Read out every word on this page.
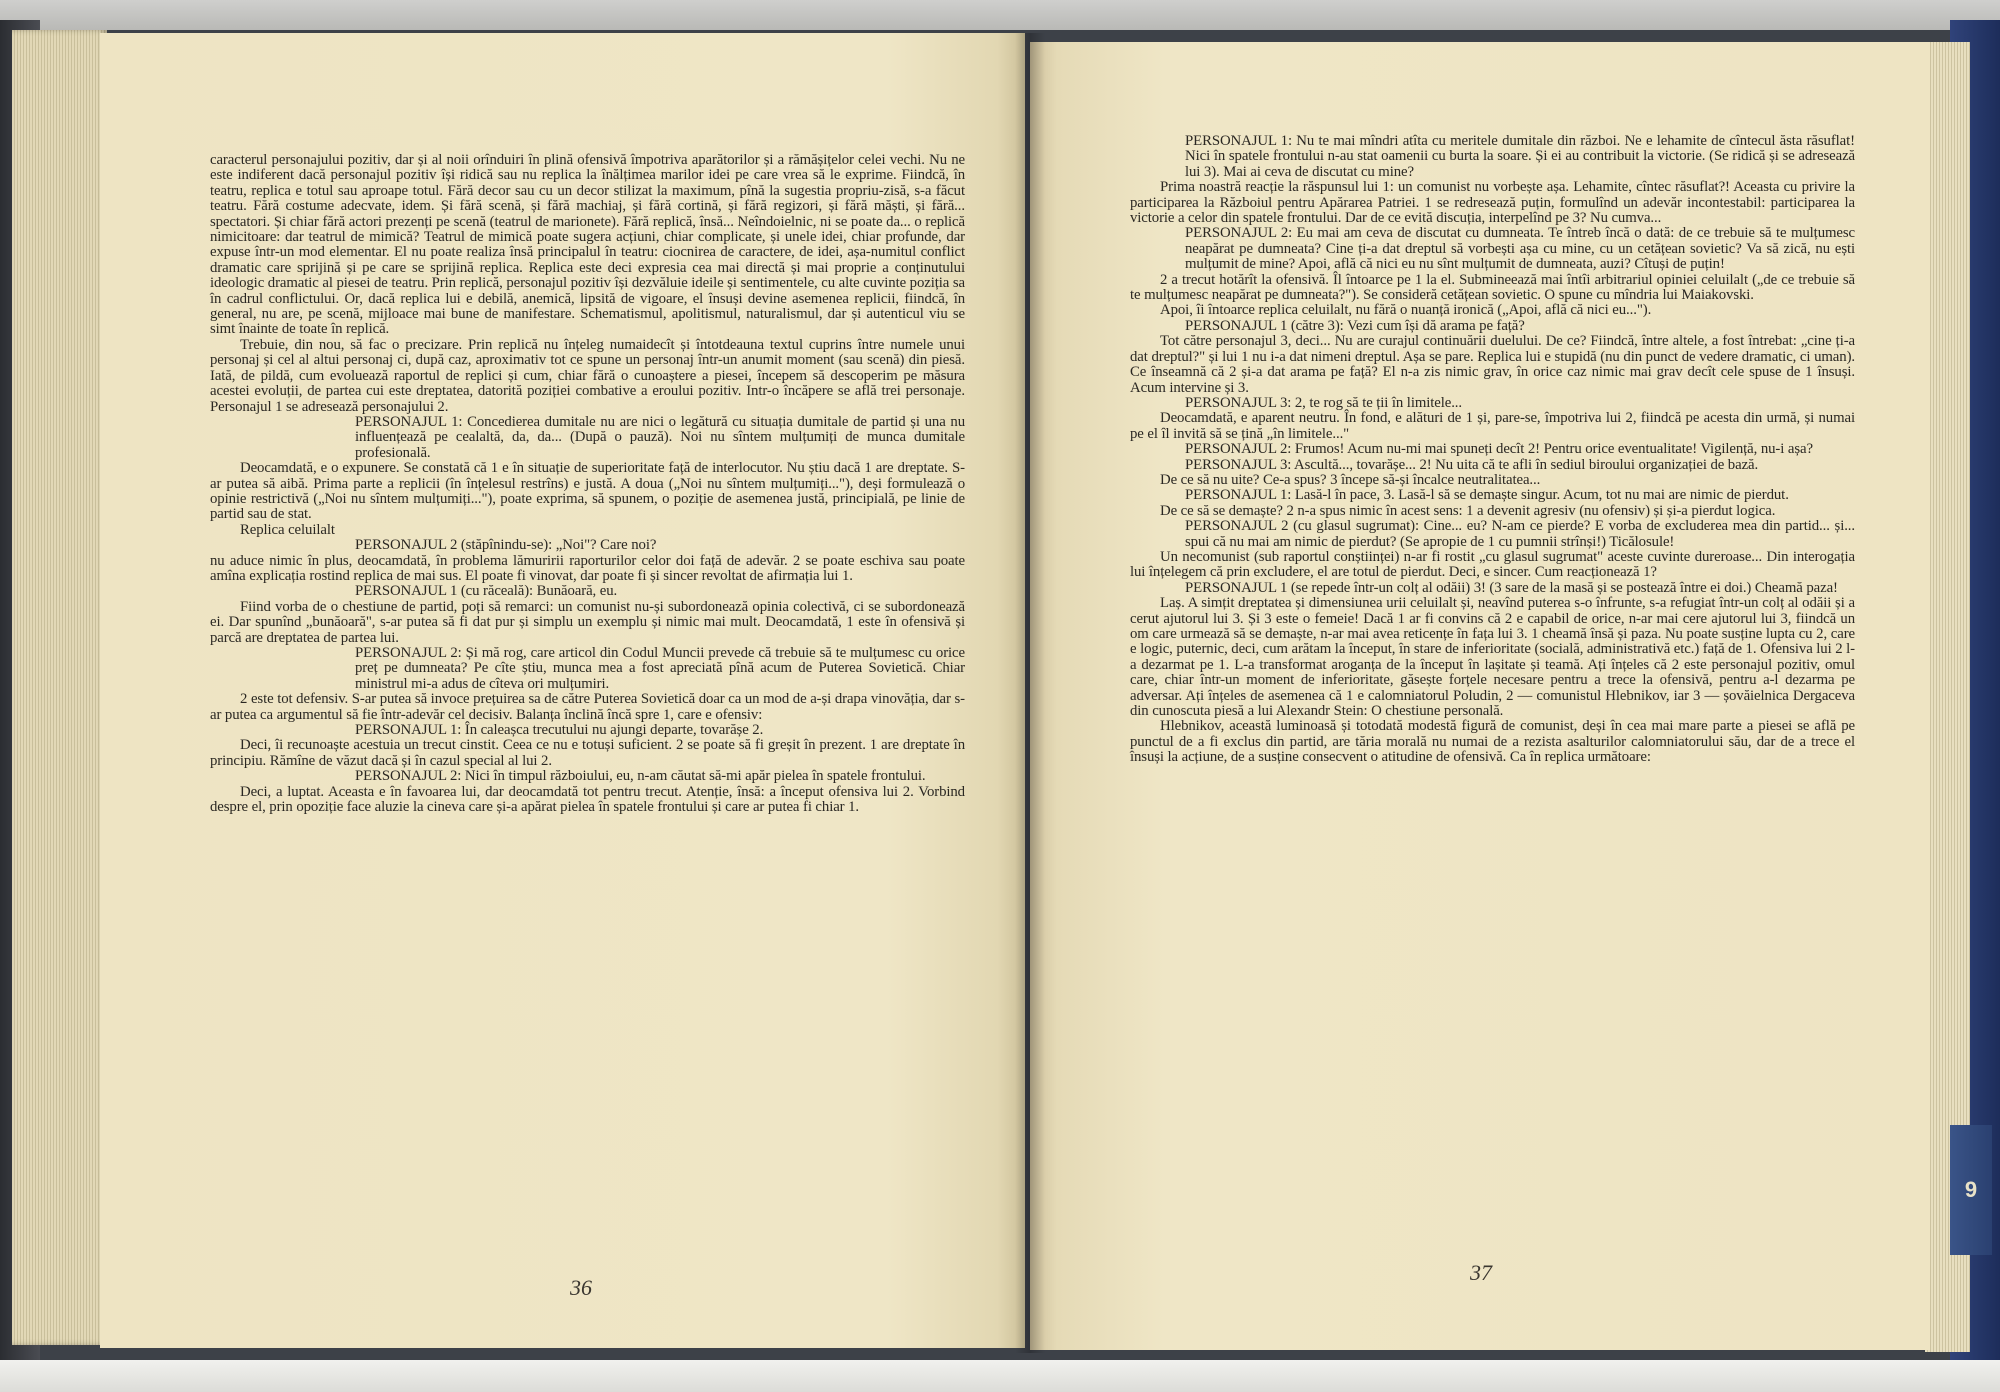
caracterul personajului pozitiv, dar și al noii orînduiri în plină ofensivă împotriva aparătorilor și a rămășițelor celei vechi. Nu ne este indiferent dacă personajul pozitiv își ridică sau nu replica la înălțimea marilor idei pe care vrea să le exprime. Fiindcă, în teatru, replica e totul sau aproape totul. Fără decor sau cu un decor stilizat la maximum, pînă la sugestia propriu-zisă, s-a făcut teatru. Fără costume adecvate, idem. Și fără scenă, și fără machiaj, și fără cortină, și fără regizori, și fără măști, și fără... spectatori. Și chiar fără actori prezenți pe scenă (teatrul de marionete). Fără replică, însă... Neîndoielnic, ni se poate da... o replică nimicitoare: dar teatrul de mimică? Teatrul de mimică poate sugera acțiuni, chiar complicate, și unele idei, chiar profunde, dar expuse într-un mod elementar. El nu poate realiza însă principalul în teatru: ciocnirea de caractere, de idei, așa-numitul conflict dramatic care sprijină și pe care se sprijină replica. Replica este deci expresia cea mai directă și mai proprie a conținutului ideologic dramatic al piesei de teatru. Prin replică, personajul pozitiv își dezvăluie ideile și sentimentele, cu alte cuvinte poziția sa în cadrul conflictului. Or, dacă replica lui e debilă, anemică, lipsită de vigoare, el însuși devine asemenea replicii, fiindcă, în general, nu are, pe scenă, mijloace mai bune de manifestare. Schematismul, apolitismul, naturalismul, dar și autenticul viu se simt înainte de toate în replică.

Trebuie, din nou, să fac o precizare. Prin replică nu înțeleg numaidecît și întotdeauna textul cuprins între numele unui personaj și cel al altui personaj ci, după caz, aproximativ tot ce spune un personaj într-un anumit moment (sau scenă) din piesă. Iată, de pildă, cum evoluează raportul de replici și cum, chiar fără o cunoaștere a piesei, începem să descoperim pe măsura acestei evoluții, de partea cui este dreptatea, datorită poziției combative a eroului pozitiv. Intr-o încăpere se află trei personaje. Personajul 1 se adresează personajului 2.

PERSONAJUL 1: Concedierea dumitale nu are nici o legătură cu situația dumitale de partid și una nu influențează pe cealaltă, da, da... (După o pauză). Noi nu sîntem mulțumiți de munca dumitale profesională.

Deocamdată, e o expunere. Se constată că 1 e în situație de superioritate față de interlocutor. Nu știu dacă 1 are dreptate. S-ar putea să aibă. Prima parte a replicii (în înțelesul restrîns) e justă. A doua („Noi nu sîntem mulțumiți..."), deși formulează o opinie restrictivă („Noi nu sîntem mulțumiți..."), poate exprima, să spunem, o poziție de asemenea justă, principială, pe linie de partid sau de stat.

Replica celuilalt

PERSONAJUL 2 (stăpînindu-se): „Noi"? Care noi?

nu aduce nimic în plus, deocamdată, în problema lămuririi raporturilor celor doi față de adevăr. 2 se poate eschiva sau poate amîna explicația rostind replica de mai sus. El poate fi vinovat, dar poate fi și sincer revoltat de afirmația lui 1.

PERSONAJUL 1 (cu răceală): Bunăoară, eu.

Fiind vorba de o chestiune de partid, poți să remarci: un comunist nu-și subordonează opinia colectivă, ci se subordonează ei. Dar spunînd „bunăoară", s-ar putea să fi dat pur și simplu un exemplu și nimic mai mult. Deocamdată, 1 este în ofensivă și parcă are dreptatea de partea lui.

PERSONAJUL 2: Și mă rog, care articol din Codul Muncii prevede că trebuie să te mulțumesc cu orice preț pe dumneata? Pe cîte știu, munca mea a fost apreciată pînă acum de Puterea Sovietică. Chiar ministrul mi-a adus de cîteva ori mulțumiri.

2 este tot defensiv. S-ar putea să invoce prețuirea sa de către Puterea Sovietică doar ca un mod de a-și drapa vinovăția, dar s-ar putea ca argumentul să fie într-adevăr cel decisiv. Balanța înclină încă spre 1, care e ofensiv:

PERSONAJUL 1: În caleașca trecutului nu ajungi departe, tovarășe 2.

Deci, îi recunoaște acestuia un trecut cinstit. Ceea ce nu e totuși suficient. 2 se poate să fi greșit în prezent. 1 are dreptate în principiu. Rămîne de văzut dacă și în cazul special al lui 2.

PERSONAJUL 2: Nici în timpul războiului, eu, n-am căutat să-mi apăr pielea în spatele frontului.

Deci, a luptat. Aceasta e în favoarea lui, dar deocamdată tot pentru trecut. Atenție, însă: a început ofensiva lui 2. Vorbind despre el, prin opoziție face aluzie la cineva care și-a apărat pielea în spatele frontului și care ar putea fi chiar 1.

36

PERSONAJUL 1: Nu te mai mîndri atîta cu meritele dumitale din război. Ne e lehamite de cîntecul ăsta răsuflat! Nici în spatele frontului n-au stat oamenii cu burta la soare. Și ei au contribuit la victorie. (Se ridică și se adresează lui 3). Mai ai ceva de discutat cu mine?

Prima noastră reacție la răspunsul lui 1: un comunist nu vorbește așa. Lehamite, cîntec răsuflat?! Aceasta cu privire la participarea la Războiul pentru Apărarea Patriei. 1 se redresează puțin, formulînd un adevăr incontestabil: participarea la victorie a celor din spatele frontului. Dar de ce evită discuția, interpelînd pe 3? Nu cumva...

PERSONAJUL 2: Eu mai am ceva de discutat cu dumneata. Te întreb încă o dată: de ce trebuie să te mulțumesc neapărat pe dumneata? Cine ți-a dat dreptul să vorbești așa cu mine, cu un cetățean sovietic? Va să zică, nu ești mulțumit de mine? Apoi, află că nici eu nu sînt mulțumit de dumneata, auzi? Cîtuși de puțin!

2 a trecut hotărît la ofensivă. Îl întoarce pe 1 la el. Submineează mai întîi arbitrariul opiniei celuilalt („de ce trebuie să te mulțumesc neapărat pe dumneata?"). Se consideră cetățean sovietic. O spune cu mîndria lui Maiakovski.

Apoi, îi întoarce replica celuilalt, nu fără o nuanță ironică („Apoi, află că nici eu...").

PERSONAJUL 1 (către 3): Vezi cum își dă arama pe față?

Tot către personajul 3, deci... Nu are curajul continuării duelului. De ce? Fiindcă, între altele, a fost întrebat: „cine ți-a dat dreptul?" și lui 1 nu i-a dat nimeni dreptul. Așa se pare. Replica lui e stupidă (nu din punct de vedere dramatic, ci uman). Ce înseamnă că 2 și-a dat arama pe față? El n-a zis nimic grav, în orice caz nimic mai grav decît cele spuse de 1 însuși. Acum intervine și 3.

PERSONAJUL 3: 2, te rog să te ții în limitele...

Deocamdată, e aparent neutru. În fond, e alături de 1 și, pare-se, împotriva lui 2, fiindcă pe acesta din urmă, și numai pe el îl invită să se țină „în limitele..."

PERSONAJUL 2: Frumos! Acum nu-mi mai spuneți decît 2! Pentru orice eventualitate! Vigilență, nu-i așa?

PERSONAJUL 3: Ascultă..., tovarășe... 2! Nu uita că te afli în sediul biroului organizației de bază.

De ce să nu uite? Ce-a spus? 3 începe să-și încalce neutralitatea...

PERSONAJUL 1: Lasă-l în pace, 3. Lasă-l să se demaște singur. Acum, tot nu mai are nimic de pierdut.

De ce să se demaște? 2 n-a spus nimic în acest sens: 1 a devenit agresiv (nu ofensiv) și și-a pierdut logica.

PERSONAJUL 2 (cu glasul sugrumat): Cine... eu? N-am ce pierde? E vorba de excluderea mea din partid... și... spui că nu mai am nimic de pierdut? (Se apropie de 1 cu pumnii strînși!) Ticălosule!

Un necomunist (sub raportul conștiinței) n-ar fi rostit „cu glasul sugrumat" aceste cuvinte dureroase... Din interogația lui înțelegem că prin excludere, el are totul de pierdut. Deci, e sincer. Cum reacționează 1?

PERSONAJUL 1 (se repede într-un colț al odăii) 3! (3 sare de la masă și se postează între ei doi.) Cheamă paza!

Laș. A simțit dreptatea și dimensiunea urii celuilalt și, neavînd puterea s-o înfrunte, s-a refugiat într-un colț al odăii și a cerut ajutorul lui 3. Și 3 este o femeie! Dacă 1 ar fi convins că 2 e capabil de orice, n-ar mai cere ajutorul lui 3, fiindcă un om care urmează să se demaște, n-ar mai avea reticențe în fața lui 3. 1 cheamă însă și paza. Nu poate susține lupta cu 2, care e logic, puternic, deci, cum arătam la început, în stare de inferioritate (socială, administrativă etc.) față de 1. Ofensiva lui 2 l-a dezarmat pe 1. L-a transformat aroganța de la început în lașitate și teamă. Ați înțeles că 2 este personajul pozitiv, omul care, chiar într-un moment de inferioritate, găsește forțele necesare pentru a trece la ofensivă, pentru a-l dezarma pe adversar. Ați înțeles de asemenea că 1 e calomniatorul Poludin, 2 — comunistul Hlebnikov, iar 3 — șovăielnica Dergaceva din cunoscuta piesă a lui Alexandr Stein: O chestiune personală.

Hlebnikov, această luminoasă și totodată modestă figură de comunist, deși în cea mai mare parte a piesei se află pe punctul de a fi exclus din partid, are tăria morală nu numai de a rezista asalturilor calomniatorului său, dar de a trece el însuși la acțiune, de a susține consecvent o atitudine de ofensivă. Ca în replica următoare:

37
9
